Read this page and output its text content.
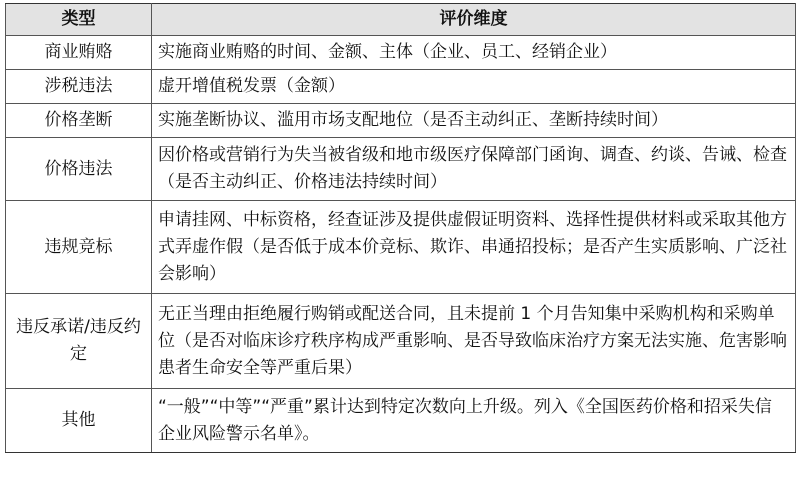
类型	评价维度
商业贿赂	实施商业贿赂的时间、金额、主体（企业、员工、经销企业）
涉税违法	虚开增值税发票（金额）
价格垄断	实施垄断协议、滥用市场支配地位（是否主动纠正、垄断持续时间）
价格违法	因价格或营销行为失当被省级和地市级医疗保障部门函询、调查、约谈、告诫、检查（是否主动纠正、价格违法持续时间）
违规竞标	申请挂网、中标资格，经查证涉及提供虚假证明资料、选择性提供材料或采取其他方式弄虚作假（是否低于成本价竞标、欺诈、串通招投标；是否产生实质影响、广泛社会影响）
违反承诺/违反约定	无正当理由拒绝履行购销或配送合同，且未提前 1 个月告知集中采购机构和采购单位（是否对临床诊疗秩序构成严重影响、是否导致临床治疗方案无法实施、危害影响患者生命安全等严重后果）
其他	“一般”“中等”“严重”累计达到特定次数向上升级。列入《全国医药价格和招采失信企业风险警示名单》。
